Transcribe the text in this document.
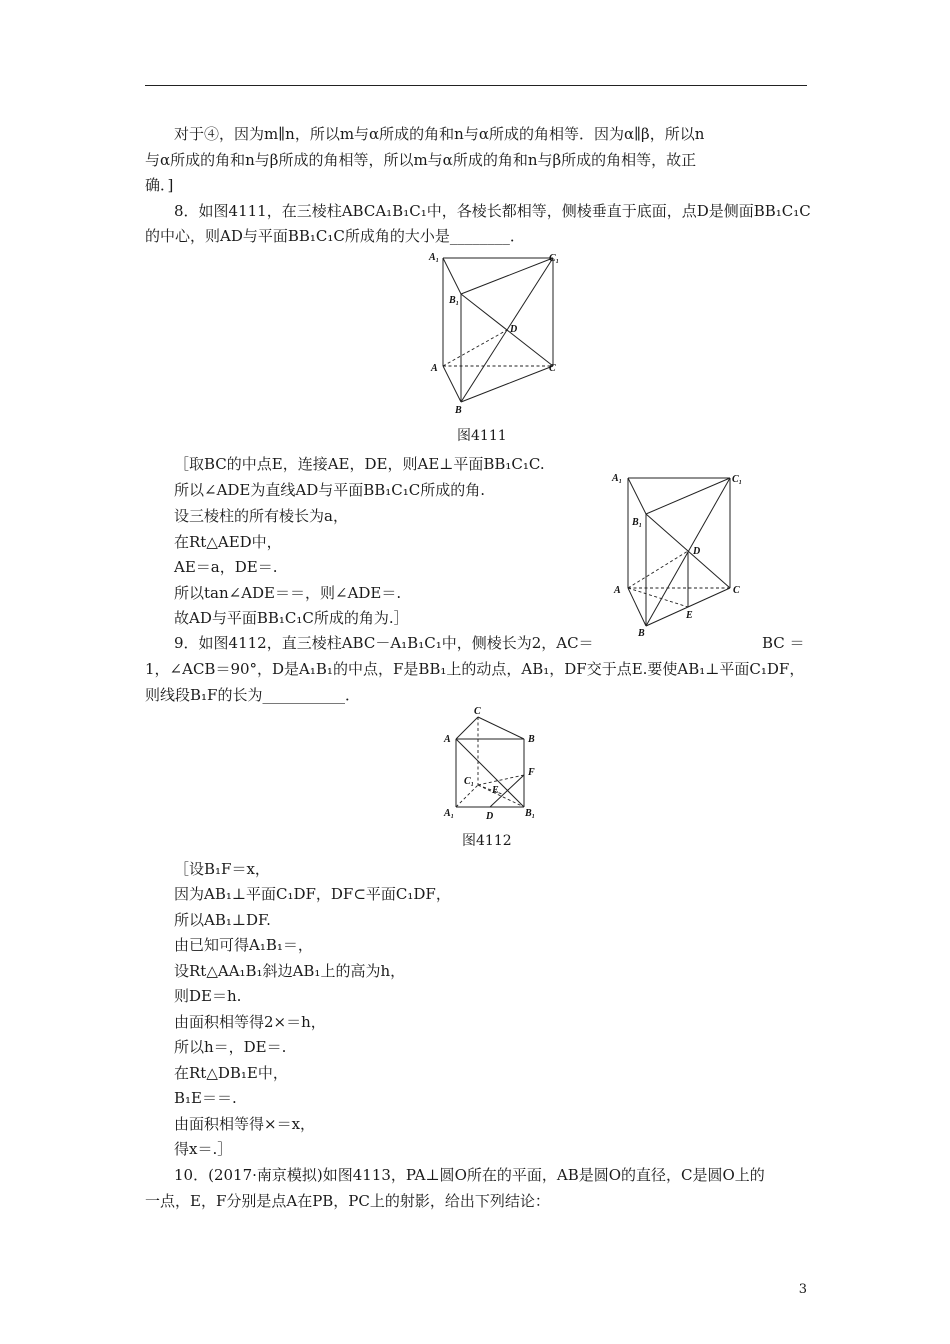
对于④，因为m∥n，所以m与α所成的角和n与α所成的角相等．因为α∥β，所以n
与α所成的角和n与β所成的角相等，所以m与α所成的角和n与β所成的角相等，故正
确．]
8．如图4111，在三棱柱ABCA₁B₁C₁中，各棱长都相等，侧棱垂直于底面，点D是侧面BB₁C₁C
的中心，则AD与平面BB₁C₁C所成角的大小是________．
A₁	C₁
B₁
D
A	C
B
图4111
［取BC的中点E，连接AE，DE，则AE⊥平面BB₁C₁C.
所以∠ADE为直线AD与平面BB₁C₁C所成的角.
设三棱柱的所有棱长为a，
在Rt△AED中，
AE＝a，DE＝.
所以tan∠ADE＝＝，则∠ADE＝.
故AD与平面BB₁C₁C所成的角为.］
A₁	C₁
B₁
D
A	C
E
B
9．如图4112，直三棱柱ABC－A₁B₁C₁中，侧棱长为2，AC＝	BC ＝
1，∠ACB＝90°，D是A₁B₁的中点，F是BB₁上的动点，AB₁，DF交于点E.要使AB₁⊥平面C₁DF，
则线段B₁F的长为___________．
C
A	B
F
C₁
E
A₁	D	B₁
图4112
［设B₁F＝x，
因为AB₁⊥平面C₁DF，DF⊂平面C₁DF，
所以AB₁⊥DF.
由已知可得A₁B₁＝，
设Rt△AA₁B₁斜边AB₁上的高为h，
则DE＝h.
由面积相等得2×＝h，
所以h＝，DE＝.
在Rt△DB₁E中，
B₁E＝＝.
由面积相等得×＝x，
得x＝.］
10．(2017·南京模拟)如图4113，PA⊥圆O所在的平面，AB是圆O的直径，C是圆O上的
一点，E，F分别是点A在PB，PC上的射影，给出下列结论：
3
